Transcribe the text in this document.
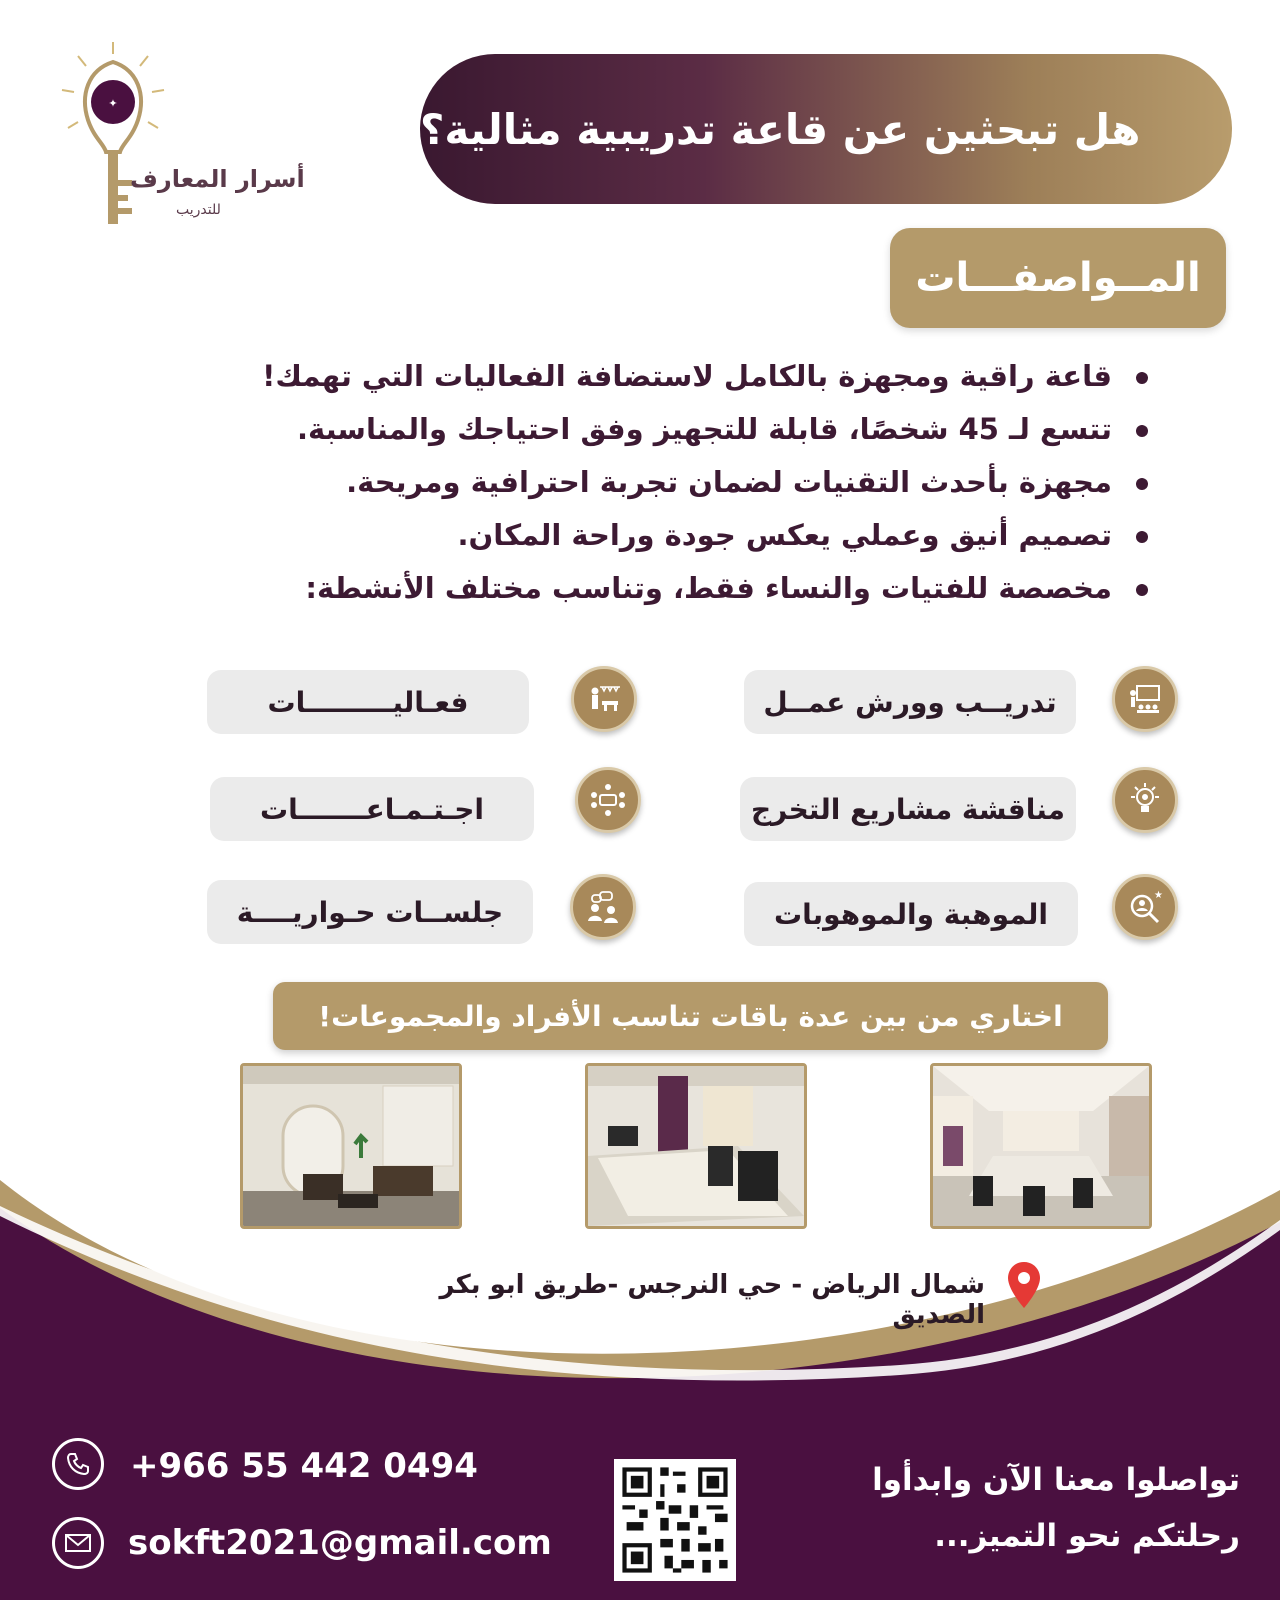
✦
أسرار المعارف
للتدريب
هل تبحثين عن قاعة تدريبية مثالية؟
المــواصفـــات
قاعة راقية ومجهزة بالكامل لاستضافة الفعاليات التي تهمك!
تتسع لـ 45 شخصًا، قابلة للتجهيز وفق احتياجك والمناسبة.
مجهزة بأحدث التقنيات لضمان تجربة احترافية ومريحة.
تصميم أنيق وعملي يعكس جودة وراحة المكان.
مخصصة للفتيات والنساء فقط، وتناسب مختلف الأنشطة:
تدريــب وورش عمــل
مناقشة مشاريع التخرج
★
الموهبة والموهوبات
فعـاليـــــــــات
اجـتـمـاعـــــــات
جلســات حـواريــــة
اختاري من بين عدة باقات تناسب الأفراد والمجموعات!
شمال الرياض - حي النرجس -طريق ابو بكر الصديق
+966 55 442 0494
sokft2021@gmail.com
تواصلوا معنا الآن وابدأوا
رحلتكم نحو التميز...
